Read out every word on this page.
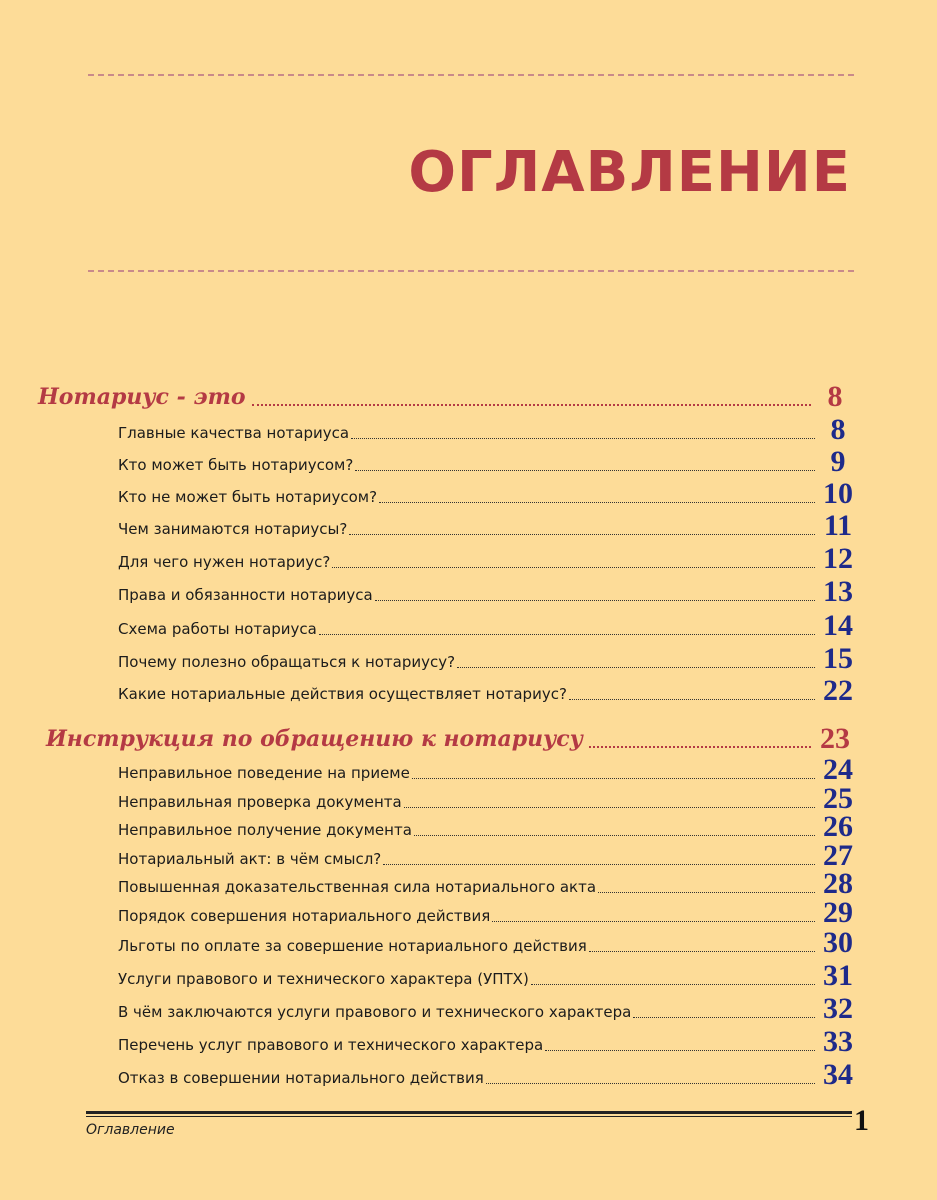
ОГЛАВЛЕНИЕ
Нотариус - это	8
Главные качества нотариуса	8
Кто может быть нотариусом?	9
Кто не может быть нотариусом?	10
Чем занимаются нотариусы?	11
Для чего нужен нотариус?	12
Права и обязанности нотариуса	13
Схема работы нотариуса	14
Почему полезно обращаться к нотариусу?	15
Какие нотариальные действия осуществляет нотариус?	22
Инструкция по обращению к нотариусу	23
Неправильное поведение на приеме	24
Неправильная проверка документа	25
Неправильное получение документа	26
Нотариальный акт: в чём смысл?	27
Повышенная доказательственная сила нотариального акта	28
Порядок совершения нотариального действия	29
Льготы по оплате за совершение нотариального действия	30
Услуги правового и технического характера (УПТХ)	31
В чём заключаются услуги правового и технического характера	32
Перечень услуг правового и технического характера	33
Отказ в совершении нотариального действия	34
Оглавление	1
